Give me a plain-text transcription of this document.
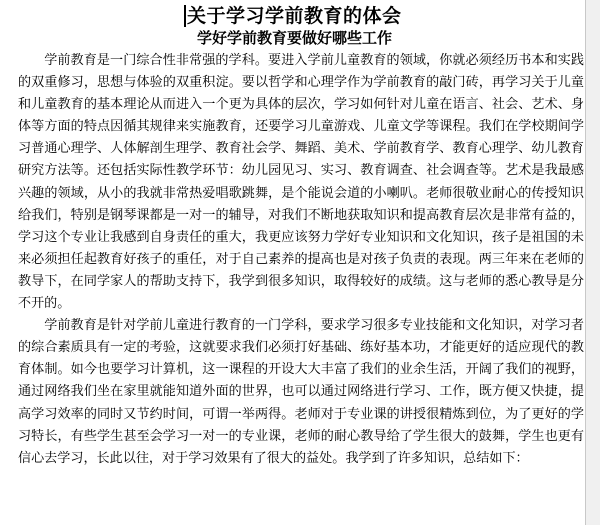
关于学习学前教育的体会
学好学前教育要做好哪些工作

学前教育是一门综合性非常强的学科。要进入学前儿童教育的领域，你就必须经历书本和实践的双重修习，思想与体验的双重积淀。要以哲学和心理学作为学前教育的敲门砖，再学习关于儿童和儿童教育的基本理论从而进入一个更为具体的层次，学习如何针对儿童在语言、社会、艺术、身体等方面的特点因循其规律来实施教育，还要学习儿童游戏、儿童文学等课程。我们在学校期间学习普通心理学、人体解剖生理学、教育社会学、舞蹈、美术、学前教育学、教育心理学、幼儿教育研究方法等。还包括实际性教学环节：幼儿园见习、实习、教育调查、社会调查等。艺术是我最感兴趣的领域，从小的我就非常热爱唱歌跳舞，是个能说会道的小喇叭。老师很敬业耐心的传授知识给我们，特别是钢琴课都是一对一的辅导，对我们不断地获取知识和提高教育层次是非常有益的，学习这个专业让我感到自身责任的重大，我更应该努力学好专业知识和文化知识，孩子是祖国的未来必须担任起教育好孩子的重任，对于自己素养的提高也是对孩子负责的表现。两三年来在老师的教导下，在同学家人的帮助支持下，我学到很多知识，取得较好的成绩。这与老师的悉心教导是分不开的。

学前教育是针对学前儿童进行教育的一门学科，要求学习很多专业技能和文化知识，对学习者的综合素质具有一定的考验，这就要求我们必须打好基础、练好基本功，才能更好的适应现代的教育体制。如今也要学习计算机，这一课程的开设大大丰富了我们的业余生活，开阔了我们的视野，通过网络我们坐在家里就能知道外面的世界，也可以通过网络进行学习、工作，既方便又快捷，提高学习效率的同时又节约时间，可谓一举两得。老师对于专业课的讲授很精炼到位，为了更好的学习特长，有些学生甚至会学习一对一的专业课，老师的耐心教导给了学生很大的鼓舞，学生也更有信心去学习，长此以往，对于学习效果有了很大的益处。我学到了许多知识，总结如下：
